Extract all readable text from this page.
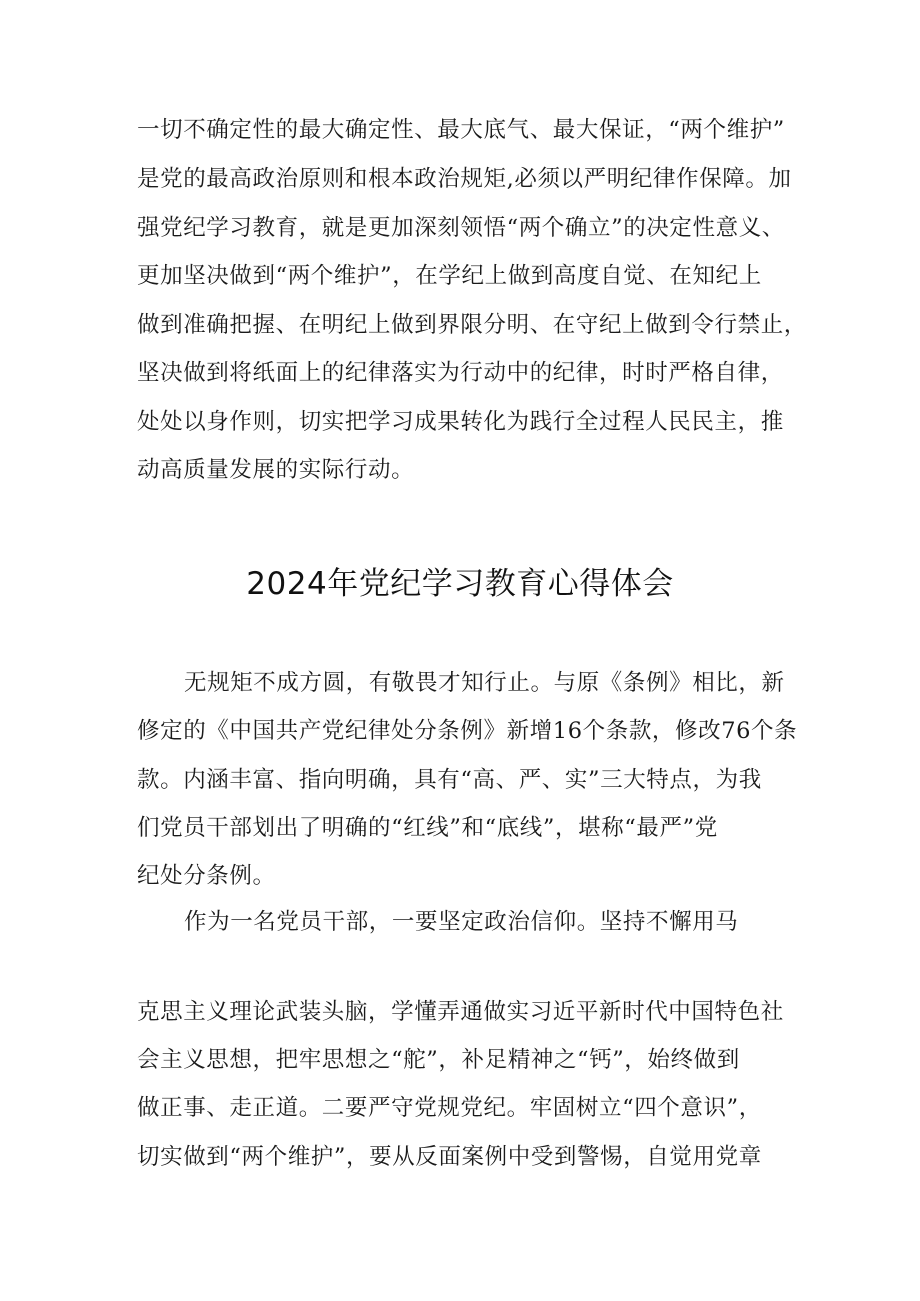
一切不确定性的最大确定性、最大底气、最大保证，“两个维护”

是党的最高政治原则和根本政治规矩,必须以严明纪律作保障。加

强党纪学习教育，就是更加深刻领悟“两个确立”的决定性意义、

更加坚决做到“两个维护”，在学纪上做到高度自觉、在知纪上

做到准确把握、在明纪上做到界限分明、在守纪上做到令行禁止，

坚决做到将纸面上的纪律落实为行动中的纪律，时时严格自律，

处处以身作则，切实把学习成果转化为践行全过程人民民主，推

动高质量发展的实际行动。

2024年党纪学习教育心得体会

无规矩不成方圆，有敬畏才知行止。与原《条例》相比，新

修定的《中国共产党纪律处分条例》新增16个条款，修改76个条

款。内涵丰富、指向明确，具有“高、严、实”三大特点，为我

们党员干部划出了明确的“红线”和“底线”，堪称“最严”党

纪处分条例。

作为一名党员干部，一要坚定政治信仰。坚持不懈用马

克思主义理论武装头脑，学懂弄通做实习近平新时代中国特色社

会主义思想，把牢思想之“舵”，补足精神之“钙”，始终做到

做正事、走正道。二要严守党规党纪。牢固树立“四个意识”，

切实做到“两个维护”，要从反面案例中受到警惕，自觉用党章
